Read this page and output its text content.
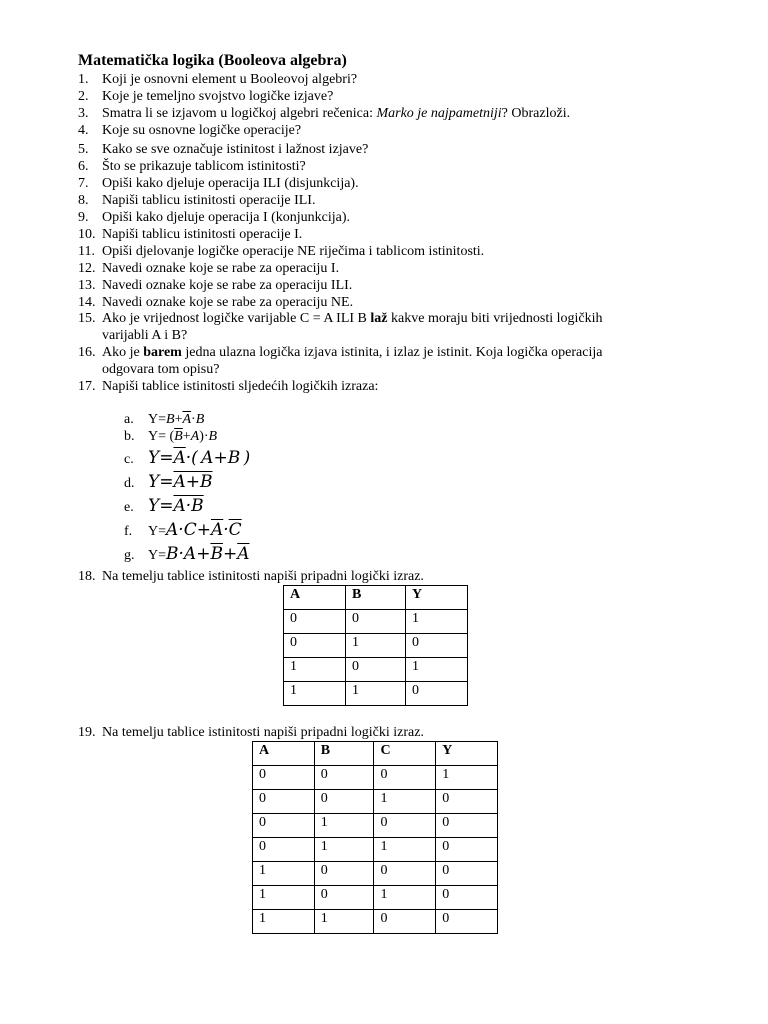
Matematička logika (Booleova algebra)
1. Koji je osnovni element u Booleovoj algebri?
2. Koje je temeljno svojstvo logičke izjave?
3. Smatra li se izjavom u logičkoj algebri rečenica: Marko je najpametniji? Obrazloži.
4. Koje su osnovne logičke operacije?
5. Kako se sve označuje istinitost i lažnost izjave?
6. Što se prikazuje tablicom istinitosti?
7. Opiši kako djeluje operacija ILI (disjunkcija).
8. Napiši tablicu istinitosti operacije ILI.
9. Opiši kako djeluje operacija I (konjunkcija).
10. Napiši tablicu istinitosti operacije I.
11. Opiši djelovanje logičke operacije NE riječima i tablicom istinitosti.
12. Navedi oznake koje se rabe za operaciju I.
13. Navedi oznake koje se rabe za operaciju ILI.
14. Navedi oznake koje se rabe za operaciju NE.
15. Ako je vrijednost logičke varijable C = A ILI B laž kakve moraju biti vrijednosti logičkih
varijabli A i B?
16. Ako je barem jedna ulazna logička izjava istinita, i izlaz je istinit. Koja logička operacija
odgovara tom opisu?
17. Napiši tablice istinitosti sljedećih logičkih izraza:
a. $Y=B+\overline{A}\cdot B$
b. $Y= (\overline{B}+A)\cdot B$
c. $Y=\overline{A}\cdot$( A+B )
d. Y=A+B
e. Y=A·B
f. $Y=A\cdot C+\overline{A}\cdot\overline{C}$
g. $Y=B\cdot A+\overline{B}+\overline{A}$
18. Na temelju tablice istinitosti napiši pripadni logički izraz.
A	B	Y
0	0	1
0	1	0
1	0	1
1	1	0
19. Na temelju tablice istinitosti napiši pripadni logički izraz.
A	B	C	Y
0	0	0	1
0	0	1	0
0	1	0	0
0	1	1	0
1	0	0	0
1	0	1	0
1	1	0	0
